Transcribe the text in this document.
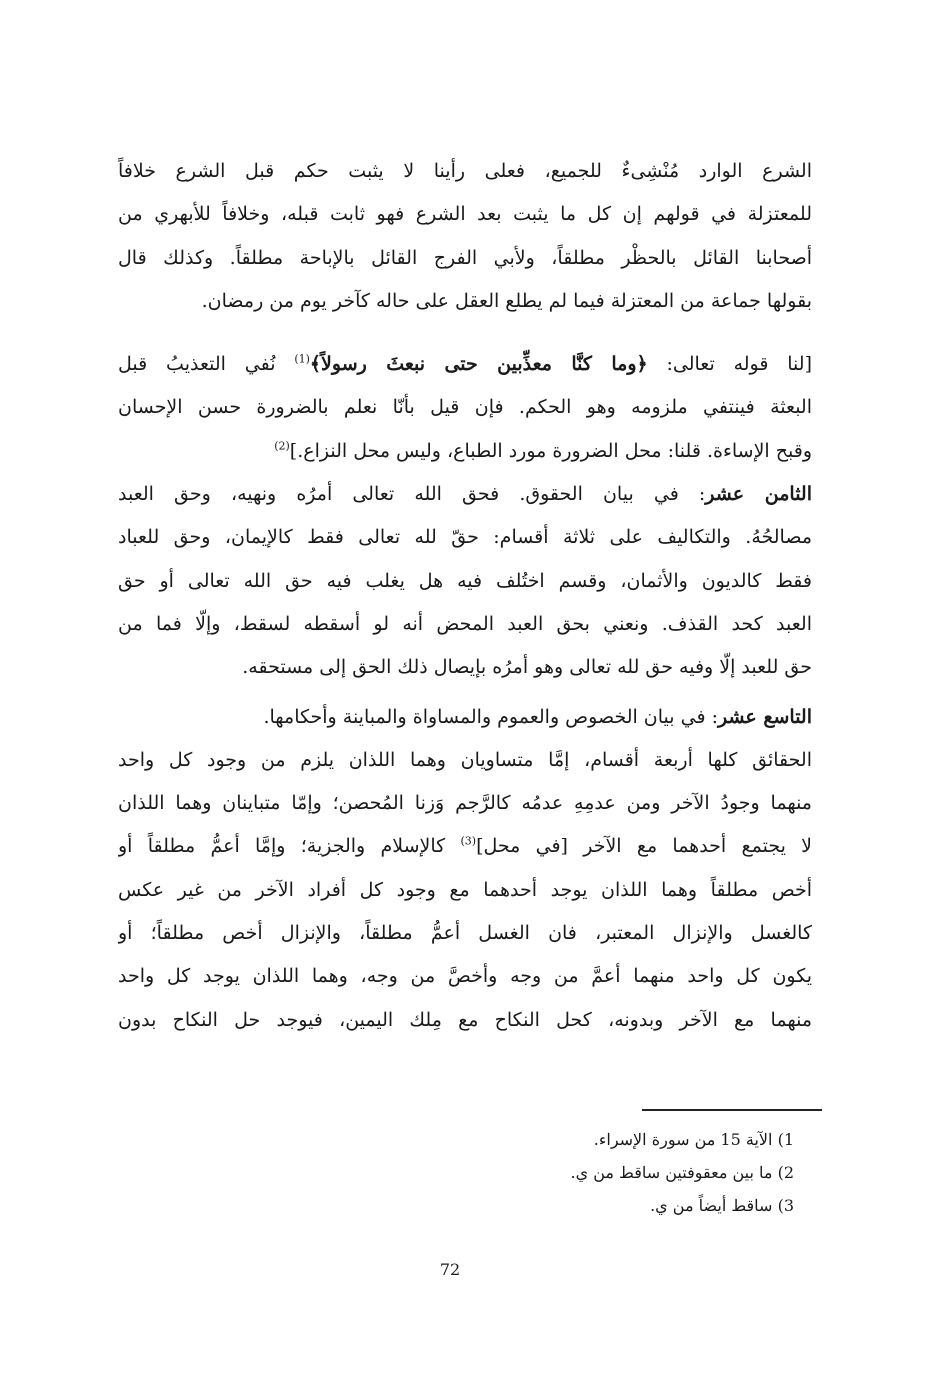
الشرع الوارد مُنْشِىءٌ للجميع، فعلى رأينا لا يثبت حكم قبل الشرع خلافاً
للمعتزلة في قولهم إن كل ما يثبت بعد الشرع فهو ثابت قبله، وخلافاً للأبهري من
أصحابنا القائل بالحظْر مطلقاً، ولأبي الفرج القائل بالإباحة مطلقاً. وكذلك قال
بقولها جماعة من المعتزلة فيما لم يطلع العقل على حاله كآخر يوم من رمضان.
[لنا قوله تعالى: ﴿وما كنَّا معذِّبين حتى نبعثَ رسولاً﴾$^{(1)}$ نُفي التعذيبُ قبل
البعثة فينتفي ملزومه وهو الحكم. فإن قيل بأنّا نعلم بالضرورة حسن الإحسان
وقبح الإساءة. قلنا: محل الضرورة مورد الطباع، وليس محل النزاع.]$^{(2)}$
الثامن عشر: في بيان الحقوق. فحق الله تعالى أمرُه ونهيه، وحق العبد
مصالحُهُ. والتكاليف على ثلاثة أقسام: حقّ لله تعالى فقط كالإيمان، وحق للعباد
فقط كالديون والأثمان، وقسم اختُلف فيه هل يغلب فيه حق الله تعالى أو حق
العبد كحد القذف. ونعني بحق العبد المحض أنه لو أسقطه لسقط، وإلّا فما من
حق للعبد إلّا وفيه حق لله تعالى وهو أمرُه بإيصال ذلك الحق إلى مستحقه.
التاسع عشر: في بيان الخصوص والعموم والمساواة والمباينة وأحكامها.
الحقائق كلها أربعة أقسام، إمَّا متساويان وهما اللذان يلزم من وجود كل واحد
منهما وجودُ الآخر ومن عدمِهِ عدمُه كالرَّجم وَزنا المُحصن؛ وإمّا متباينان وهما اللذان
لا يجتمع أحدهما مع الآخر [في محل]$^{(3)}$ كالإسلام والجزية؛ وإمَّا أعمُّ مطلقاً أو
أخص مطلقاً وهما اللذان يوجد أحدهما مع وجود كل أفراد الآخر من غير عكس
كالغسل والإنزال المعتبر، فان الغسل أعمُّ مطلقاً، والإنزال أخص مطلقاً؛ أو
يكون كل واحد منهما أعمَّ من وجه وأخصَّ من وجه، وهما اللذان يوجد كل واحد
منهما مع الآخر وبدونه، كحل النكاح مع مِلك اليمين، فيوجد حل النكاح بدون
1) الآية 15 من سورة الإسراء.
2) ما بين معقوفتين ساقط من ي.
3) ساقط أيضاً من ي.
72
